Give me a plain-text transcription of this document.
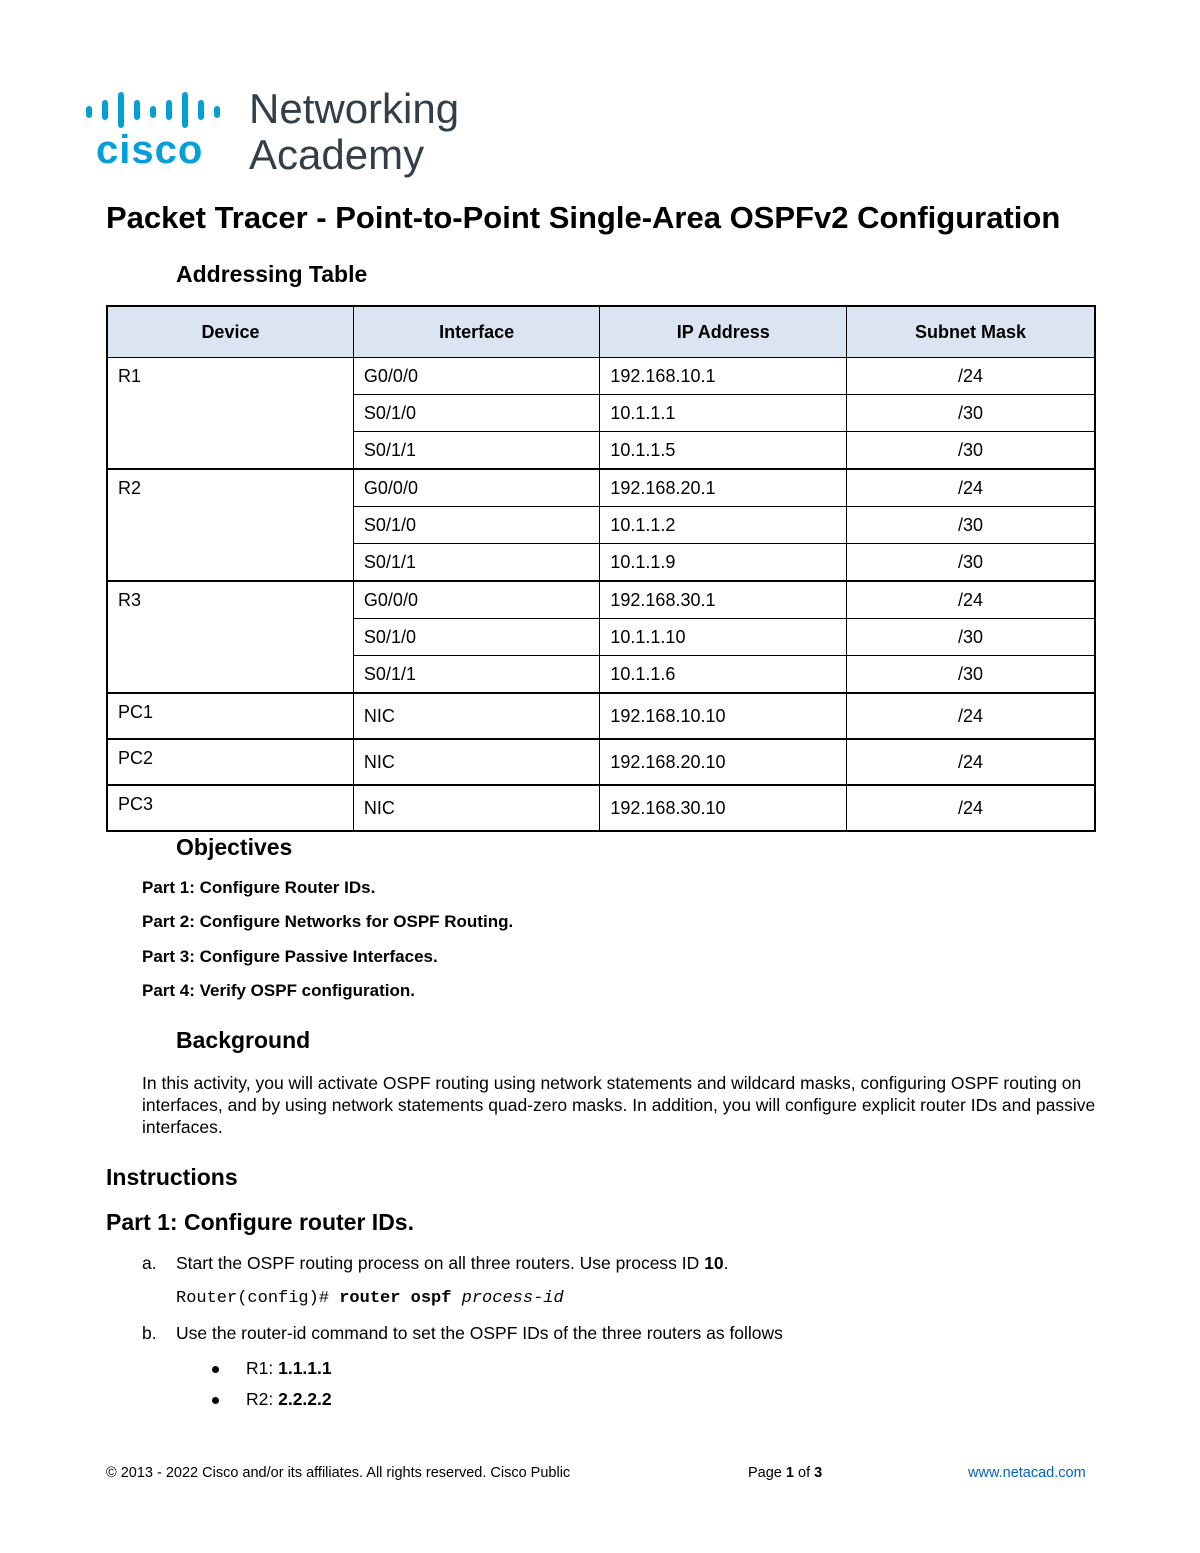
cisco
Networking
Academy
Packet Tracer - Point-to-Point Single-Area OSPFv2 Configuration
Addressing Table
Device	Interface	IP Address	Subnet Mask
R1	G0/0/0	192.168.10.1	/24
	S0/1/0	10.1.1.1	/30
	S0/1/1	10.1.1.5	/30
R2	G0/0/0	192.168.20.1	/24
	S0/1/0	10.1.1.2	/30
	S0/1/1	10.1.1.9	/30
R3	G0/0/0	192.168.30.1	/24
	S0/1/0	10.1.1.10	/30
	S0/1/1	10.1.1.6	/30
PC1	NIC	192.168.10.10	/24
PC2	NIC	192.168.20.10	/24
PC3	NIC	192.168.30.10	/24
Objectives
Part 1: Configure Router IDs.
Part 2: Configure Networks for OSPF Routing.
Part 3: Configure Passive Interfaces.
Part 4: Verify OSPF configuration.
Background
In this activity, you will activate OSPF routing using network statements and wildcard masks, configuring OSPF routing on interfaces, and by using network statements quad-zero masks. In addition, you will configure explicit router IDs and passive interfaces.
Instructions
Part 1: Configure router IDs.
a. Start the OSPF routing process on all three routers. Use process ID 10.
Router(config)# router ospf process-id
b. Use the router-id command to set the OSPF IDs of the three routers as follows
R1: 1.1.1.1
R2: 2.2.2.2
© 2013 - 2022 Cisco and/or its affiliates. All rights reserved. Cisco Public	Page 1 of 3	www.netacad.com
